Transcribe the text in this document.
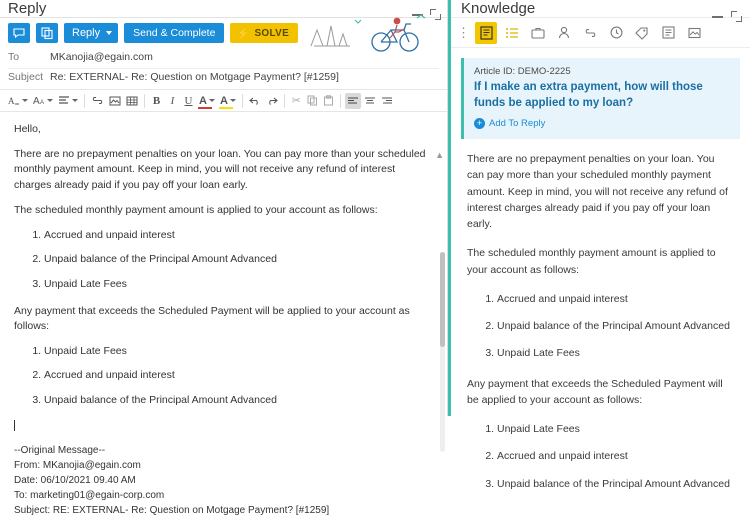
Reply
Reply	Send & Complete ⚡ SOLVE
To	MKanojia@egain.com
Subject Re: EXTERNAL- Re: Question on Motgage Payment? [#1259]
A A A	B I U A	A	✂
▲

Hello,

There are no prepayment penalties on your loan. You can pay more than your scheduled monthly payment amount. Keep in mind, you will not receive any refund of interest charges already paid if you pay off your loan early.

The scheduled monthly payment amount is applied to your account as follows:

1. Accrued and unpaid interest
2. Unpaid balance of the Principal Amount Advanced
3. Unpaid Late Fees

Any payment that exceeds the Scheduled Payment will be applied to your account as follows:

1. Unpaid Late Fees
2. Accrued and unpaid interest
3. Unpaid balance of the Principal Amount Advanced
--Original Message--
From: MKanojia@egain.com
Date: 06/10/2021 09.40 AM
To: marketing01@egain-corp.com
Subject: RE: EXTERNAL- Re: Question on Motgage Payment? [#1259]
Knowledge
⋮
Article ID: DEMO-2225
If I make an extra payment, how will those funds be applied to my loan?
+ Add To Reply

There are no prepayment penalties on your loan. You can pay more than your scheduled monthly payment amount. Keep in mind, you will not receive any refund of interest charges already paid if you pay off your loan early.

The scheduled monthly payment amount is applied to your account as follows:

1. Accrued and unpaid interest
2. Unpaid balance of the Principal Amount Advanced
3. Unpaid Late Fees

Any payment that exceeds the Scheduled Payment will be applied to your account as follows:

1. Unpaid Late Fees
2. Accrued and unpaid interest
3. Unpaid balance of the Principal Amount Advanced
